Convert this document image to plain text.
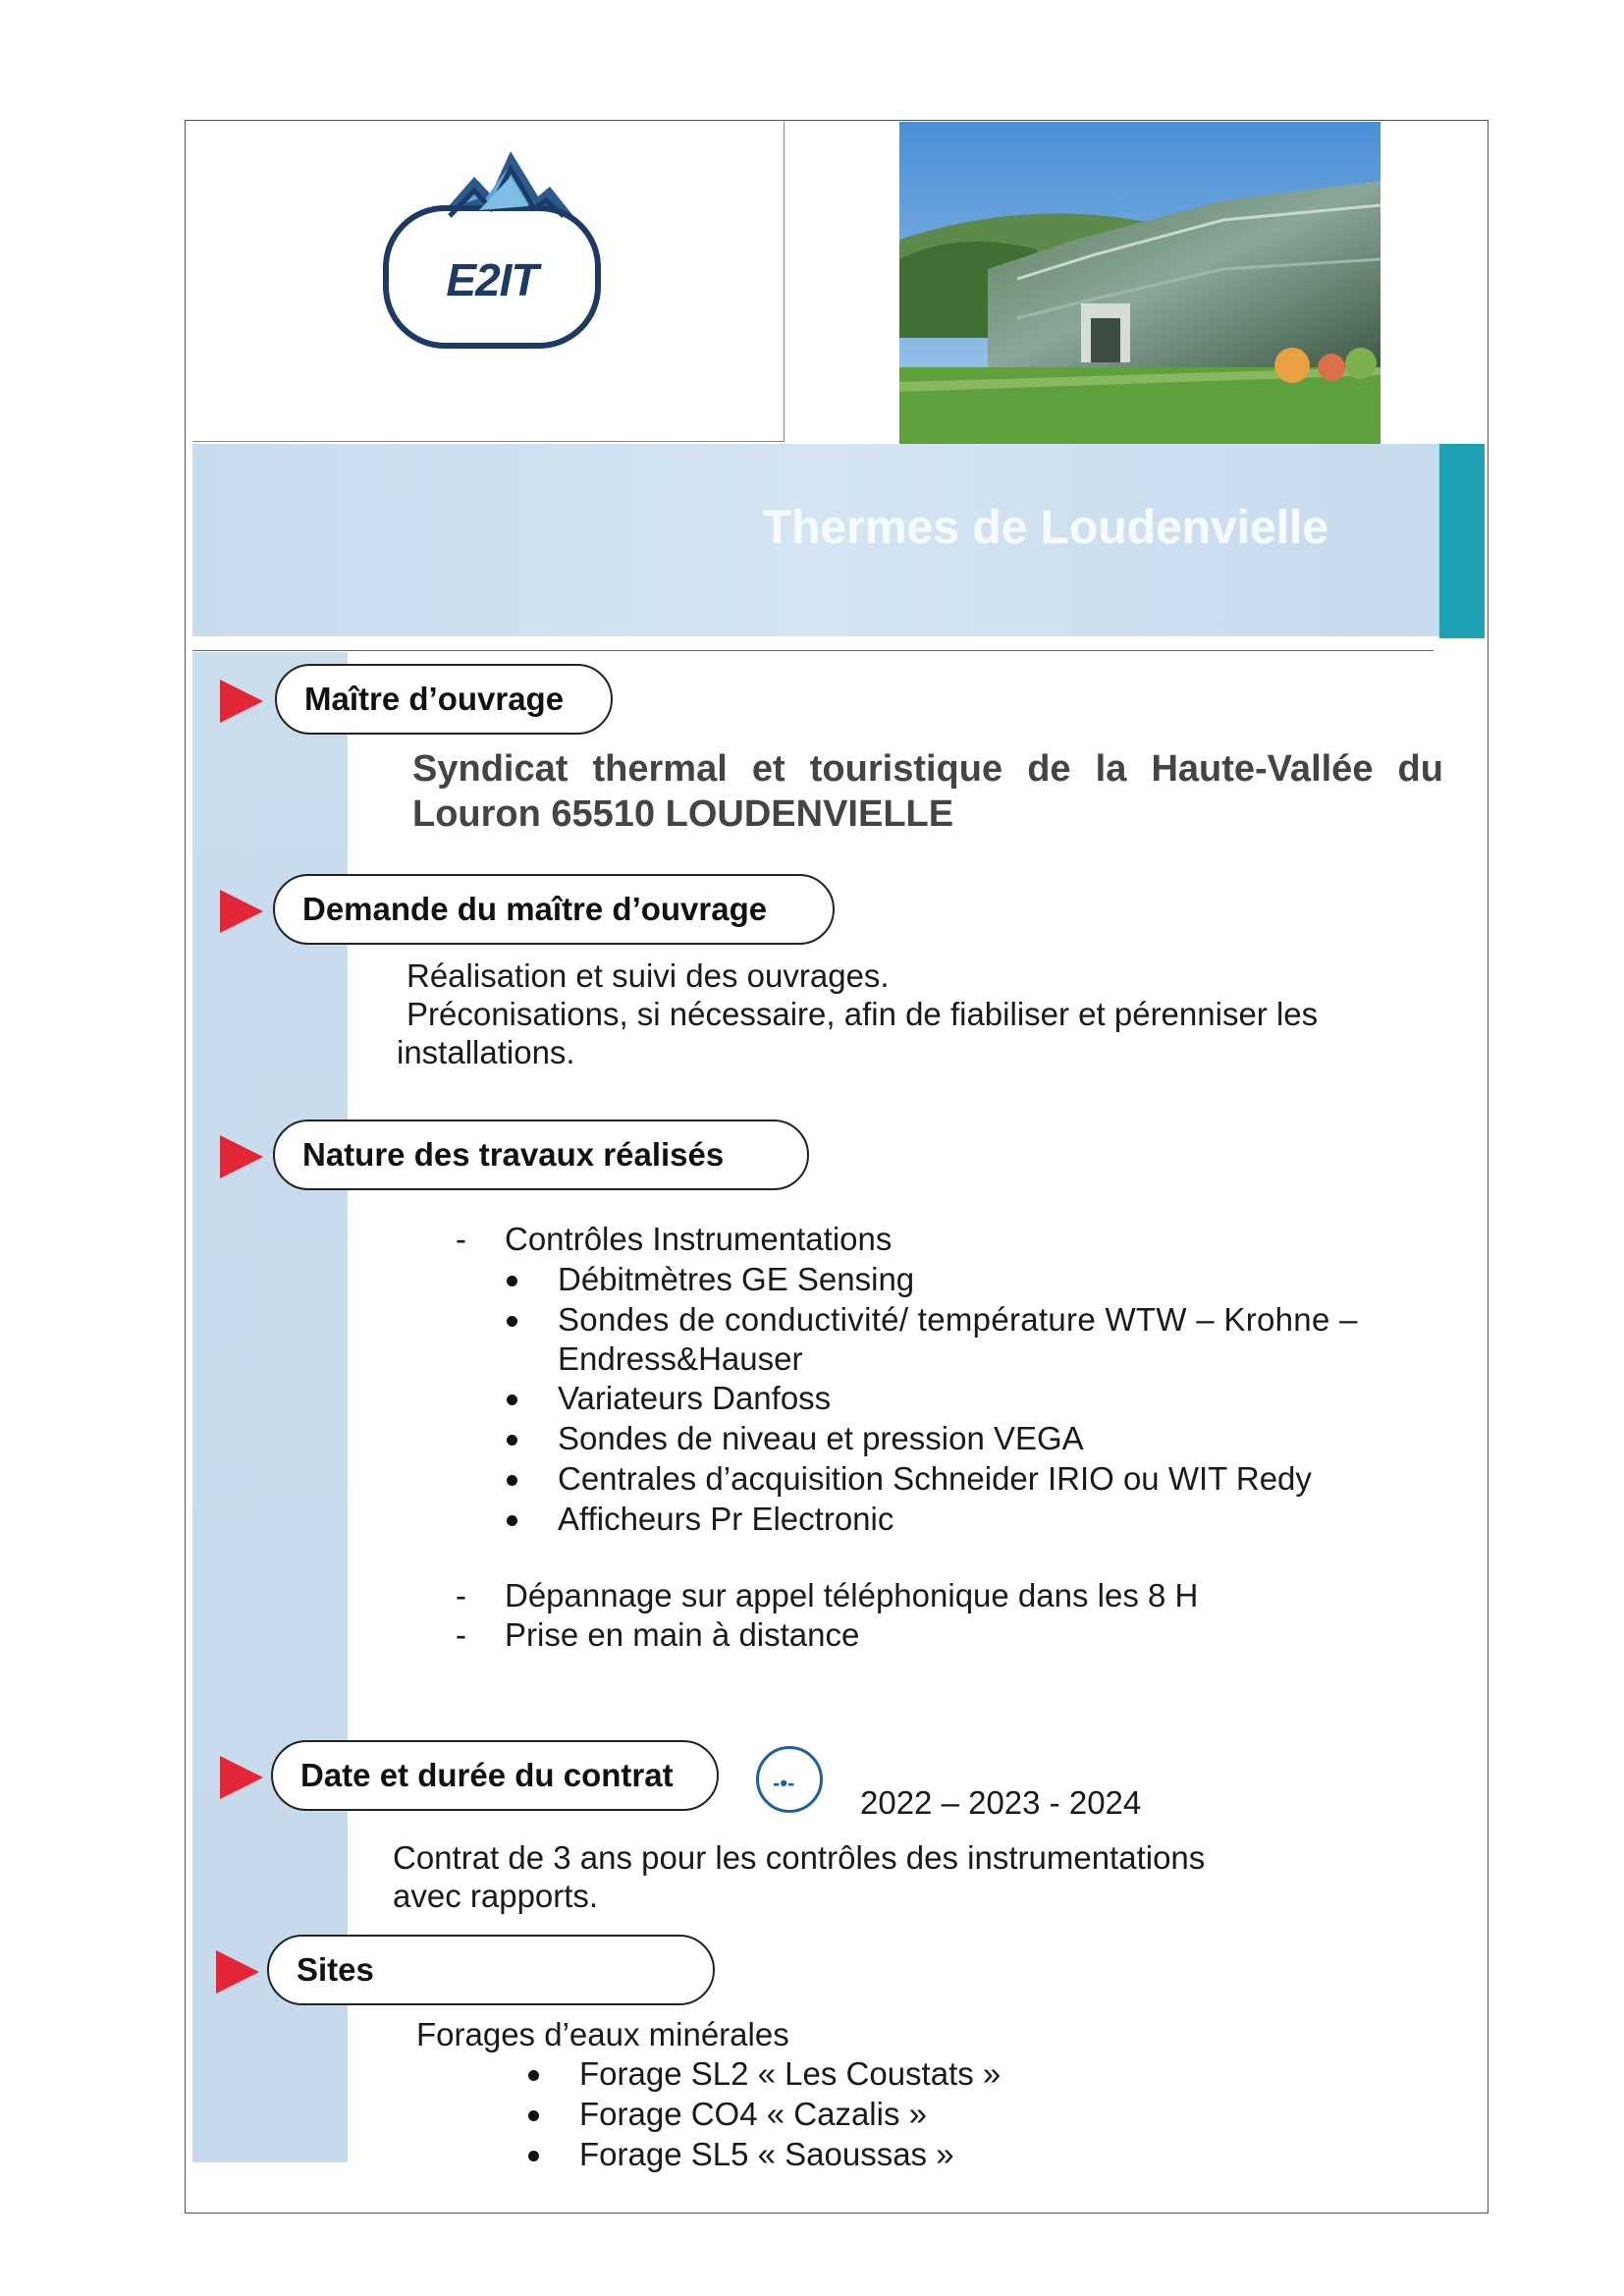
E2IT
Thermes de Loudenvielle
Maître d’ouvrage
Syndicat thermal et touristique de la Haute-Vallée du Louron 65510 LOUDENVIELLE
Demande du maître d’ouvrage
Réalisation et suivi des ouvrages.
Préconisations, si nécessaire, afin de fiabiliser et pérenniser les
installations.
Nature des travaux réalisés
- Contrôles Instrumentations
Débitmètres GE Sensing
Sondes de conductivité/ température WTW – Krohne –
Endress&Hauser
Variateurs Danfoss
Sondes de niveau et pression VEGA
Centrales d’acquisition Schneider IRIO ou WIT Redy
Afficheurs Pr Electronic
- Dépannage sur appel téléphonique dans les 8 H
- Prise en main à distance
Date et durée du contrat	-•-
2022 – 2023 - 2024
Contrat de 3 ans pour les contrôles des instrumentations
avec rapports.
Sites
Forages d’eaux minérales
Forage SL2 « Les Coustats »
Forage CO4 « Cazalis »
Forage SL5 « Saoussas »
